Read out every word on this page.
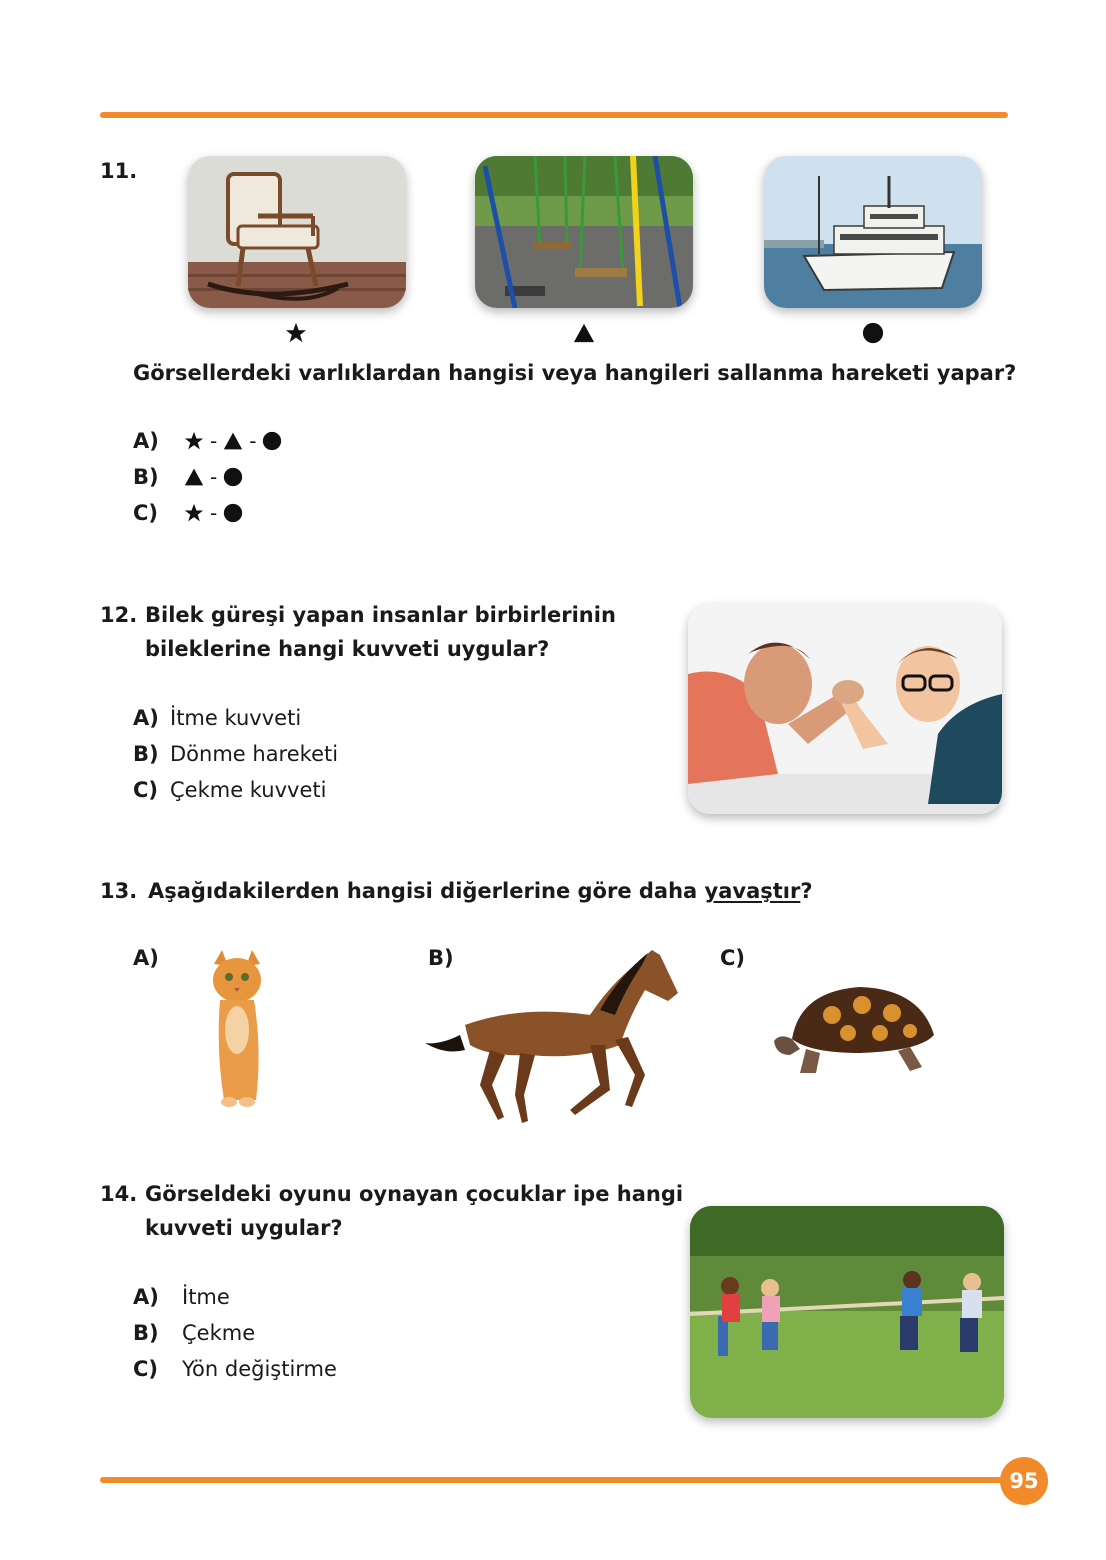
11.
Görsellerdeki varlıklardan hangisi veya hangileri sallanma hareketi yapar?
A)	- -
B)	-
C)	-
12. Bilek güreşi yapan insanlar birbirlerinin
bileklerine hangi kuvveti uygular?
A) İtme kuvveti
B) Dönme hareketi
C) Çekme kuvveti
13. Aşağıdakilerden hangisi diğerlerine göre daha yavaştır?
A)	B)	C)
14. Görseldeki oyunu oynayan çocuklar ipe hangi
kuvveti uygular?
A) İtme
B) Çekme
C) Yön değiştirme
95
